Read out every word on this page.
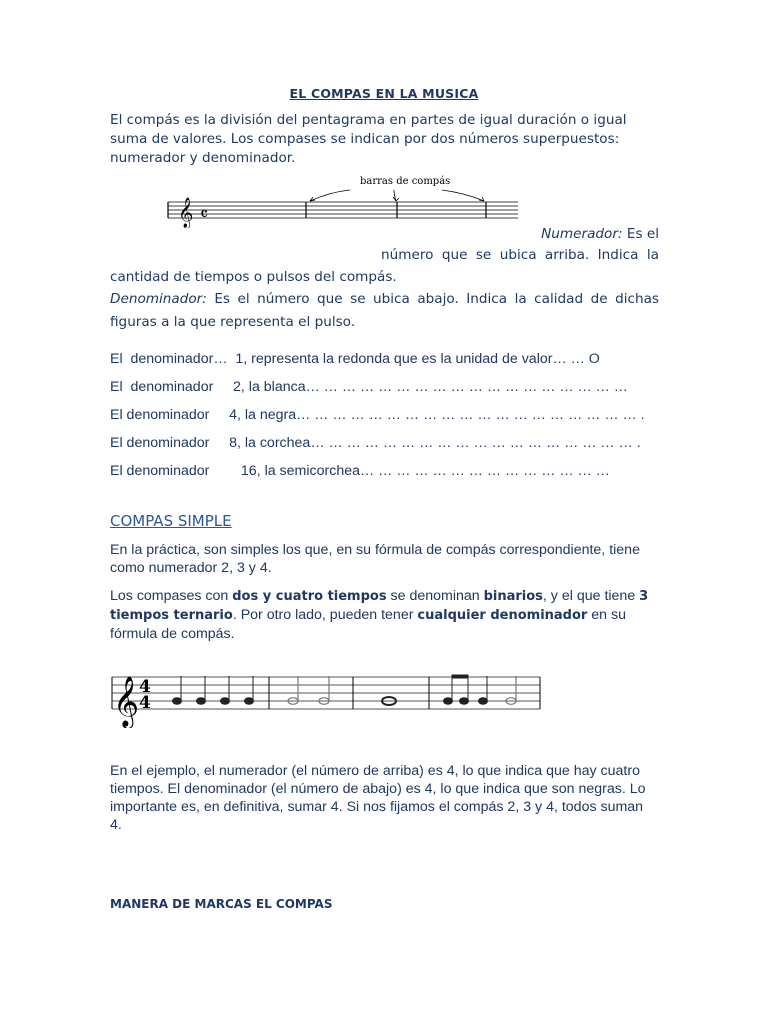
EL COMPAS EN LA MUSICA
El compás es la división del pentagrama en partes de igual duración o igual suma de valores. Los compases se indican por dos números superpuestos: numerador y denominador.
𝄞 𝄴
barras de compás
Numerador: Es el
número que se ubica arriba. Indica la
cantidad de tiempos o pulsos del compás.
Denominador: Es el número que se ubica abajo. Indica la calidad de dichas
figuras a la que representa el pulso.
El  denominador…  1, representa la redonda que es la unidad de valor… … O
El  denominador     2, la blanca… … … … … … … … … … … … … … … … … …
El denominador     4, la negra… … … … … … … … … … … … … … … … … … … .
El denominador     8, la corchea… … … … … … … … … … … … … … … … … … .
El denominador        16, la semicorchea… … … … … … … … … … … … … …
COMPAS SIMPLE
En la práctica, son simples los que, en su fórmula de compás correspondiente, tiene como numerador 2, 3 y 4.
Los compases con dos y cuatro tiempos se denominan binarios, y el que tiene 3 tiempos ternario. Por otro lado, pueden tener cualquier denominador en su fórmula de compás.
𝄞 4
4
En el ejemplo, el numerador (el número de arriba) es 4, lo que indica que hay cuatro tiempos. El denominador (el número de abajo) es 4, lo que indica que son negras. Lo importante es, en definitiva, sumar 4. Si nos fijamos el compás 2, 3 y 4, todos suman 4.
MANERA DE MARCAS EL COMPAS
